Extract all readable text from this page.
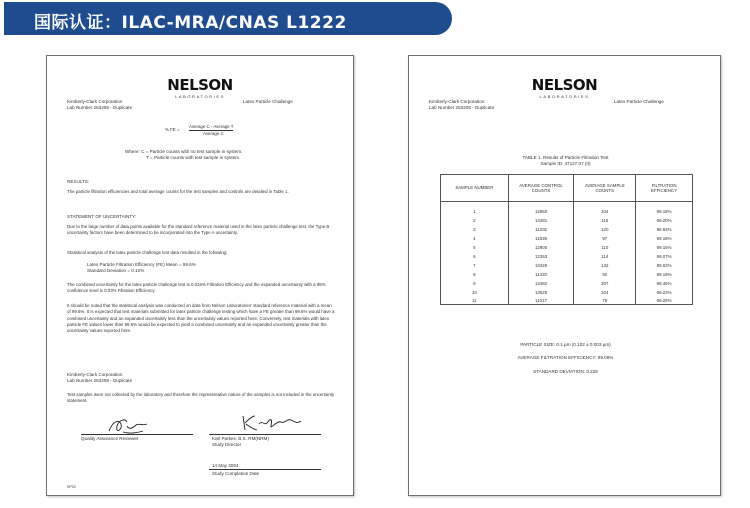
国际认证：ILAC-MRA/CNAS L1222
NELSON
LABORATORIES
Kimberly-Clark Corporation
Lab Number 263208 - Duplicate
Latex Particle Challenge
% FE =
Average C - Average T
Average C
Where: C = Particle counts with no test sample in system.
T = Particle counts with test sample in system.
RESULTS:
The particle filtration efficiencies and total average counts for the test samples and controls are detailed in Table 1.
STATEMENT OF UNCERTAINTY:
Due to the large number of data points available for the standard reference material used in the latex particle challenge test, the Type B uncertainty factors have been determined to be incorporated into the Type A uncertainty.
Statistical analysis of the latex particle challenge test data resulted in the following:
Latex Particle Filtration Efficiency (FE) Mean = 99.6%
Standard Deviation = 0.12%
The combined uncertainty for the latex particle challenge test is 0.016% Filtration Efficiency and the expanded uncertainty with a 95% confidence level is 0.03% Filtration Efficiency.
It should be noted that the statistical analysis was conducted on data from Nelson Laboratories' standard reference material with a mean of 99.6%. It is expected that test materials submitted for latex particle challenge testing which have a FE greater than 99.6% would have a combined uncertainty and an expanded uncertainty less than the uncertainty values reported here. Conversely, test materials with latex particle FE values lower than 99.6% would be expected to yield a combined uncertainty and an expanded uncertainty greater than the uncertainty values reported here.
Kimberly-Clark Corporation
Lab Number 263208 - Duplicate
Test samples were not collected by the laboratory and therefore the representative nature of the samples is not included in the uncertainty statement.
Quality Assurance Reviewer	Karl Parkes, B.S. RM(NRM)
Study Director
14 May 2004
Study Completion Date
SP02
NELSON
LABORATORIES
Kimberly-Clark Corporation
Lab Number 263208 - Duplicate
Latex Particle Challenge
TABLE 1. Results of Particle Filtration Test
Sample ID: 47127.07 (II)
SAMPLE NUMBER	AVERAGE CONTROL COUNTS	AVERAGE SAMPLE COUNTS	FILTRATION EFFICIENCY

1	12650	104	99.18%
2	14281	115	99.20%
3	11202	120	98.93%
4	11839	97	99.18%
5	12900	110	99.15%
6	12263	114	99.07%
7	13429	132	99.02%
8	11420	92	99.19%
9	13482	207	98.46%
10	13526	104	99.23%
11	11017	79	99.28%
PARTICLE SIZE: 0.1 µm (0.102 ± 0.003 µm)
AVERAGE FILTRATION EFFICIENCY: 99.09%
STANDARD DEVIATION: 0.228
